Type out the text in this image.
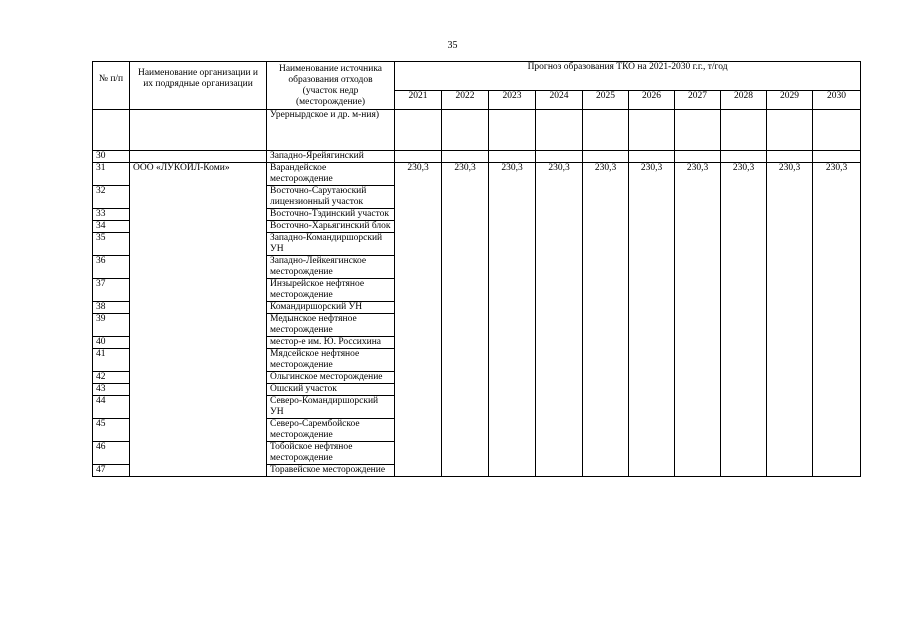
35
№ п/п	Наименование организации и их подрядные организации	Наименование источника образования отходов (участок недр (месторождение)	Прогноз образования ТКО на 2021-2030 г.г., т/год									
			2021	2022	2023	2024	2025	2026	2027	2028	2029	2030
		Урернырдское и др. м-ния)										
30		Западно-Ярейягинский										
31	ООО «ЛУКОЙЛ-Коми»	Варандейское месторождение	230,3	230,3	230,3	230,3	230,3	230,3	230,3	230,3	230,3	230,3
32		Восточно-Сарутаюский лицензионный участок										
33		Восточно-Тэдинский участок										
34		Восточно-Харьягинский блок										
35		Западно-Командиршорский УН										
36		Западно-Лейкеягинское месторождение										
37		Инзырейское нефтяное месторождение										
38		Командиршорский УН										
39		Медынское нефтяное месторождение										
40		местор-е им. Ю. Россихина										
41		Мядсейское нефтяное месторождение										
42		Ольгинское месторождение										
43		Ошский участок										
44		Северо-Командиршорский УН										
45		Северо-Сарембойское месторождение										
46		Тобойское нефтяное месторождение										
47		Торавейское месторождение										
